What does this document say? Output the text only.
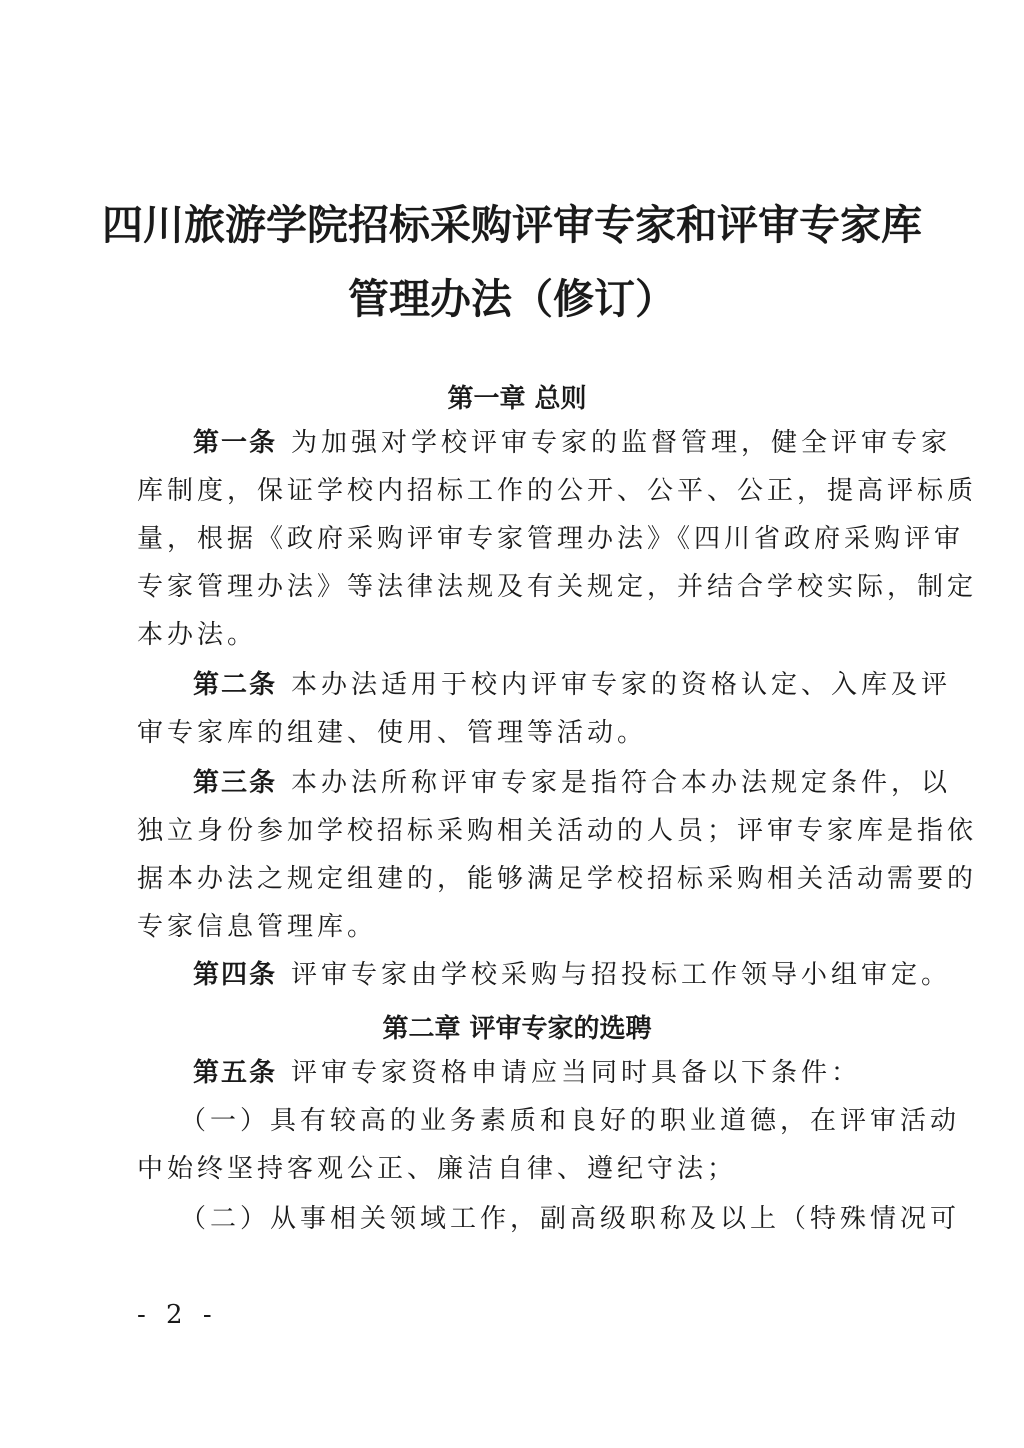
四川旅游学院招标采购评审专家和评审专家库
管理办法（修订）
第一章 总则
第一条 为加强对学校评审专家的监督管理，健全评审专家
库制度，保证学校内招标工作的公开、公平、公正，提高评标质
量，根据《政府采购评审专家管理办法》《四川省政府采购评审
专家管理办法》等法律法规及有关规定，并结合学校实际，制定
本办法。
第二条 本办法适用于校内评审专家的资格认定、入库及评
审专家库的组建、使用、管理等活动。
第三条 本办法所称评审专家是指符合本办法规定条件，以
独立身份参加学校招标采购相关活动的人员；评审专家库是指依
据本办法之规定组建的，能够满足学校招标采购相关活动需要的
专家信息管理库。
第四条 评审专家由学校采购与招投标工作领导小组审定。
第二章 评审专家的选聘
第五条 评审专家资格申请应当同时具备以下条件：
（一）具有较高的业务素质和良好的职业道德，在评审活动
中始终坚持客观公正、廉洁自律、遵纪守法；
（二）从事相关领域工作，副高级职称及以上（特殊情况可
- 2 -
